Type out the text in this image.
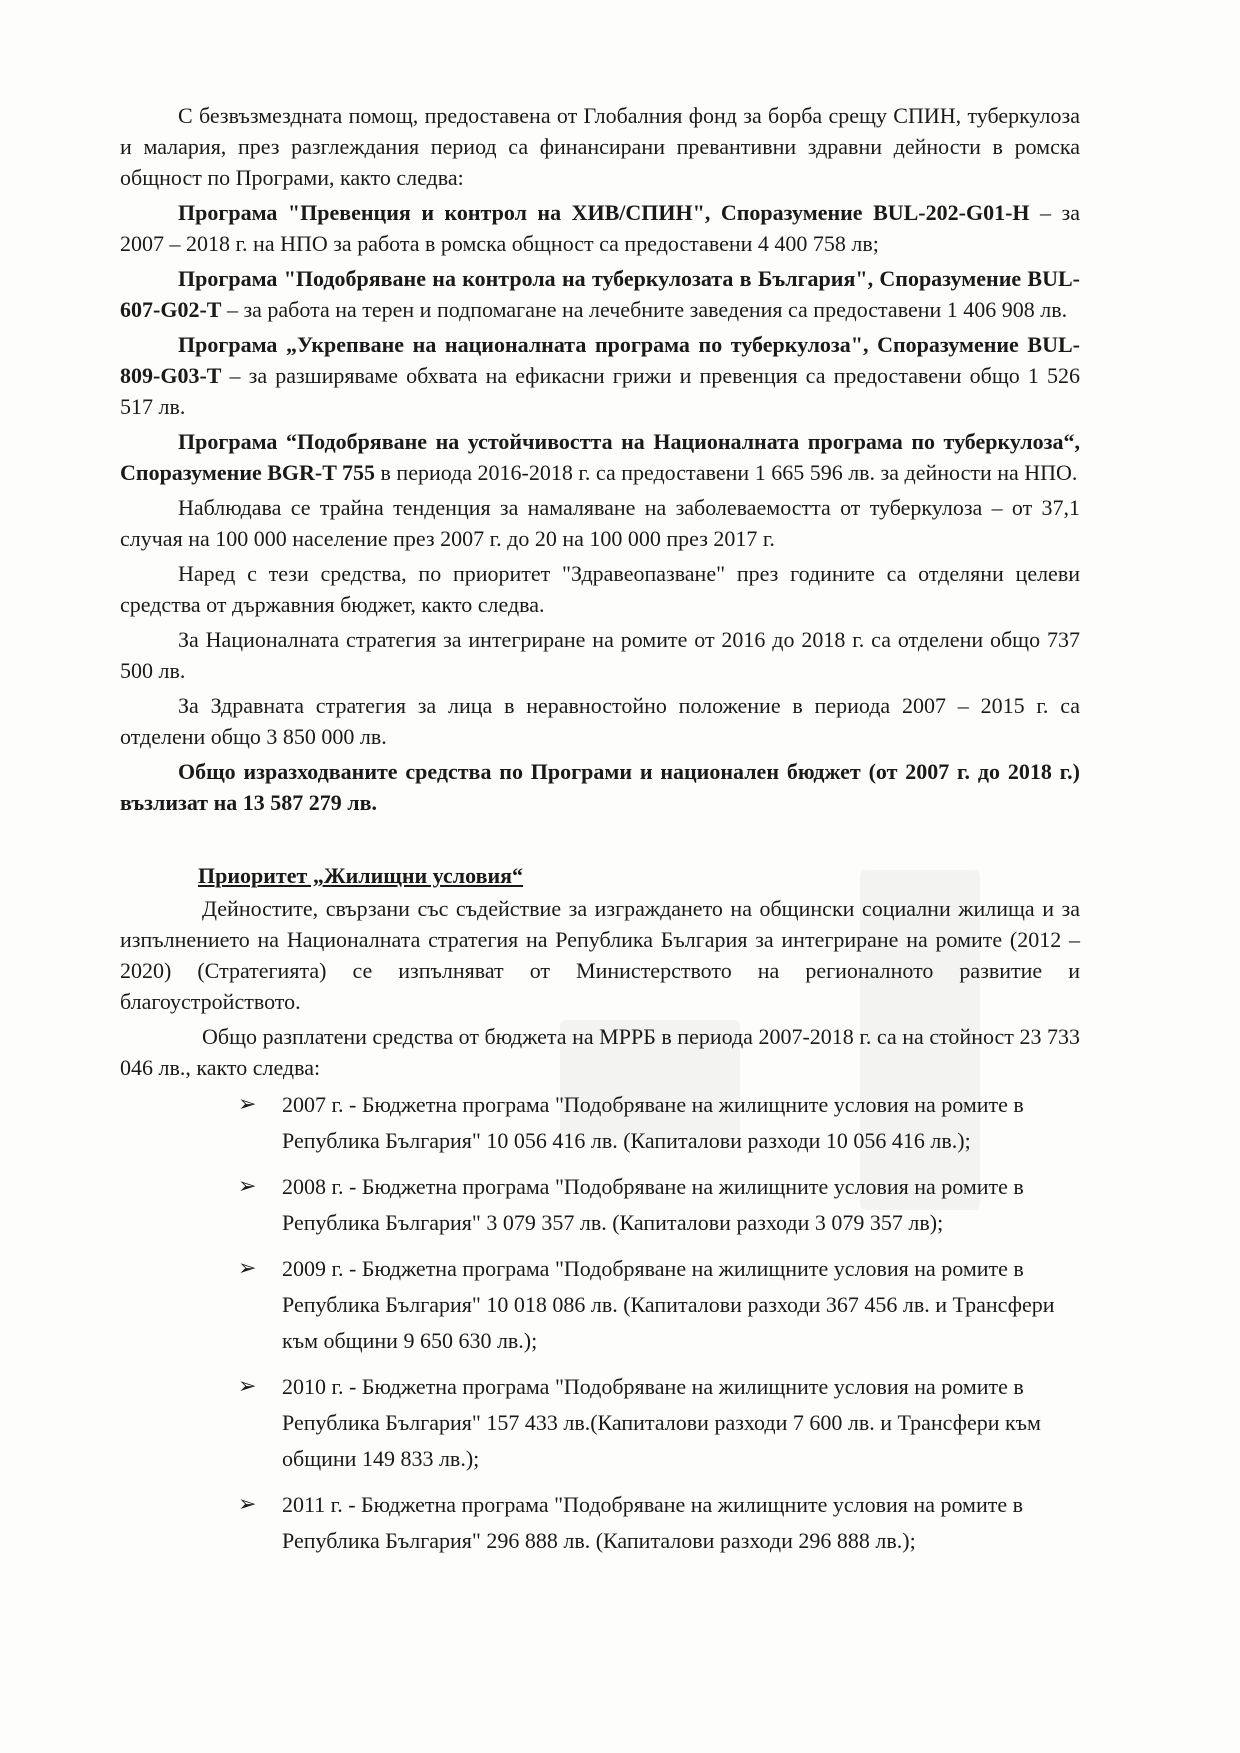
С безвъзмездната помощ, предоставена от Глобалния фонд за борба срещу СПИН, туберкулоза и малария, през разглеждания период са финансирани превантивни здравни дейности в ромска общност по Програми, както следва:

Програма "Превенция и контрол на ХИВ/СПИН", Споразумение BUL-202-G01-H – за 2007 – 2018 г. на НПО за работа в ромска общност са предоставени 4 400 758 лв;

Програма "Подобряване на контрола на туберкулозата в България", Споразумение BUL-607-G02-T – за работа на терен и подпомагане на лечебните заведения са предоставени 1 406 908 лв.

Програма „Укрепване на националната програма по туберкулоза", Споразумение BUL-809-G03-T – за разширяваме обхвата на ефикасни грижи и превенция са предоставени общо 1 526 517 лв.

Програма “Подобряване на устойчивостта на Националната програма по туберкулоза“, Споразумение BGR-T 755 в периода 2016-2018 г. са предоставени 1 665 596 лв. за дейности на НПО.

Наблюдава се трайна тенденция за намаляване на заболеваемостта от туберкулоза – от 37,1 случая на 100 000 население през 2007 г. до 20 на 100 000 през 2017 г.

Наред с тези средства, по приоритет "Здравеопазване" през годините са отделяни целеви средства от държавния бюджет, както следва.

За Националната стратегия за интегриране на ромите от 2016 до 2018 г. са отделени общо 737 500 лв.

За Здравната стратегия за лица в неравностойно положение в периода 2007 – 2015 г. са отделени общо 3 850 000 лв.

Общо изразходваните средства по Програми и национален бюджет (от 2007 г. до 2018 г.) възлизат на 13 587 279 лв.

Приоритет „Жилищни условия“

Дейностите, свързани със съдействие за изграждането на общински социални жилища и за изпълнението на Националната стратегия на Република България за интегриране на ромите (2012 – 2020) (Стратегията) се изпълняват от Министерството на регионалното развитие и благоустройството.

Общо разплатени средства от бюджета на МРРБ в периода 2007-2018 г. са на стойност 23 733 046 лв., както следва:

➢ 2007 г. - Бюджетна програма "Подобряване на жилищните условия на ромите в Република България" 10 056 416 лв. (Капиталови разходи 10 056 416 лв.);
➢ 2008 г. - Бюджетна програма "Подобряване на жилищните условия на ромите в Република България" 3 079 357 лв. (Капиталови разходи 3 079 357 лв);
➢ 2009 г. - Бюджетна програма "Подобряване на жилищните условия на ромите в Република България" 10 018 086 лв. (Капиталови разходи 367 456 лв. и Трансфери към общини 9 650 630 лв.);
➢ 2010 г. - Бюджетна програма "Подобряване на жилищните условия на ромите в Република България" 157 433 лв.(Капиталови разходи 7 600 лв. и Трансфери към общини 149 833 лв.);
➢ 2011 г. - Бюджетна програма "Подобряване на жилищните условия на ромите в Република България" 296 888 лв. (Капиталови разходи 296 888 лв.);
